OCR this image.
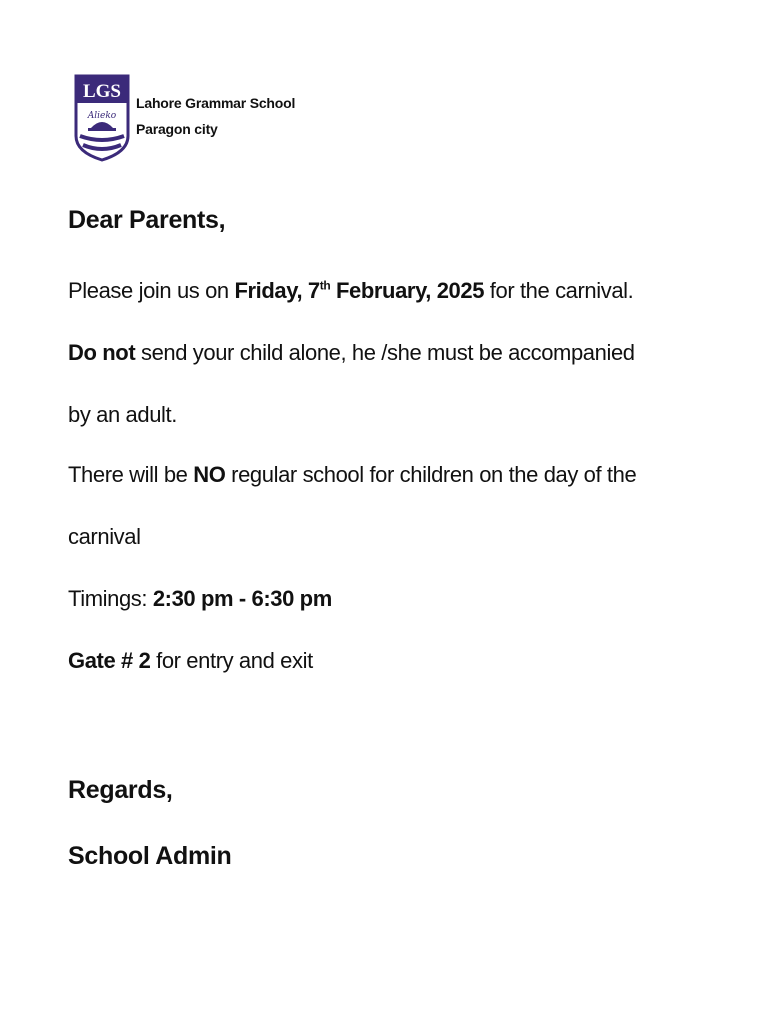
LGS
Alieko
Lahore Grammar School
Paragon city
Dear Parents,
Please join us on Friday, 7th February, 2025 for the carnival.
Do not send your child alone, he /she must be accompanied
by an adult.
There will be NO regular school for children on the day of the
carnival
Timings: 2:30 pm - 6:30 pm
Gate # 2 for entry and exit
Regards,
School Admin
